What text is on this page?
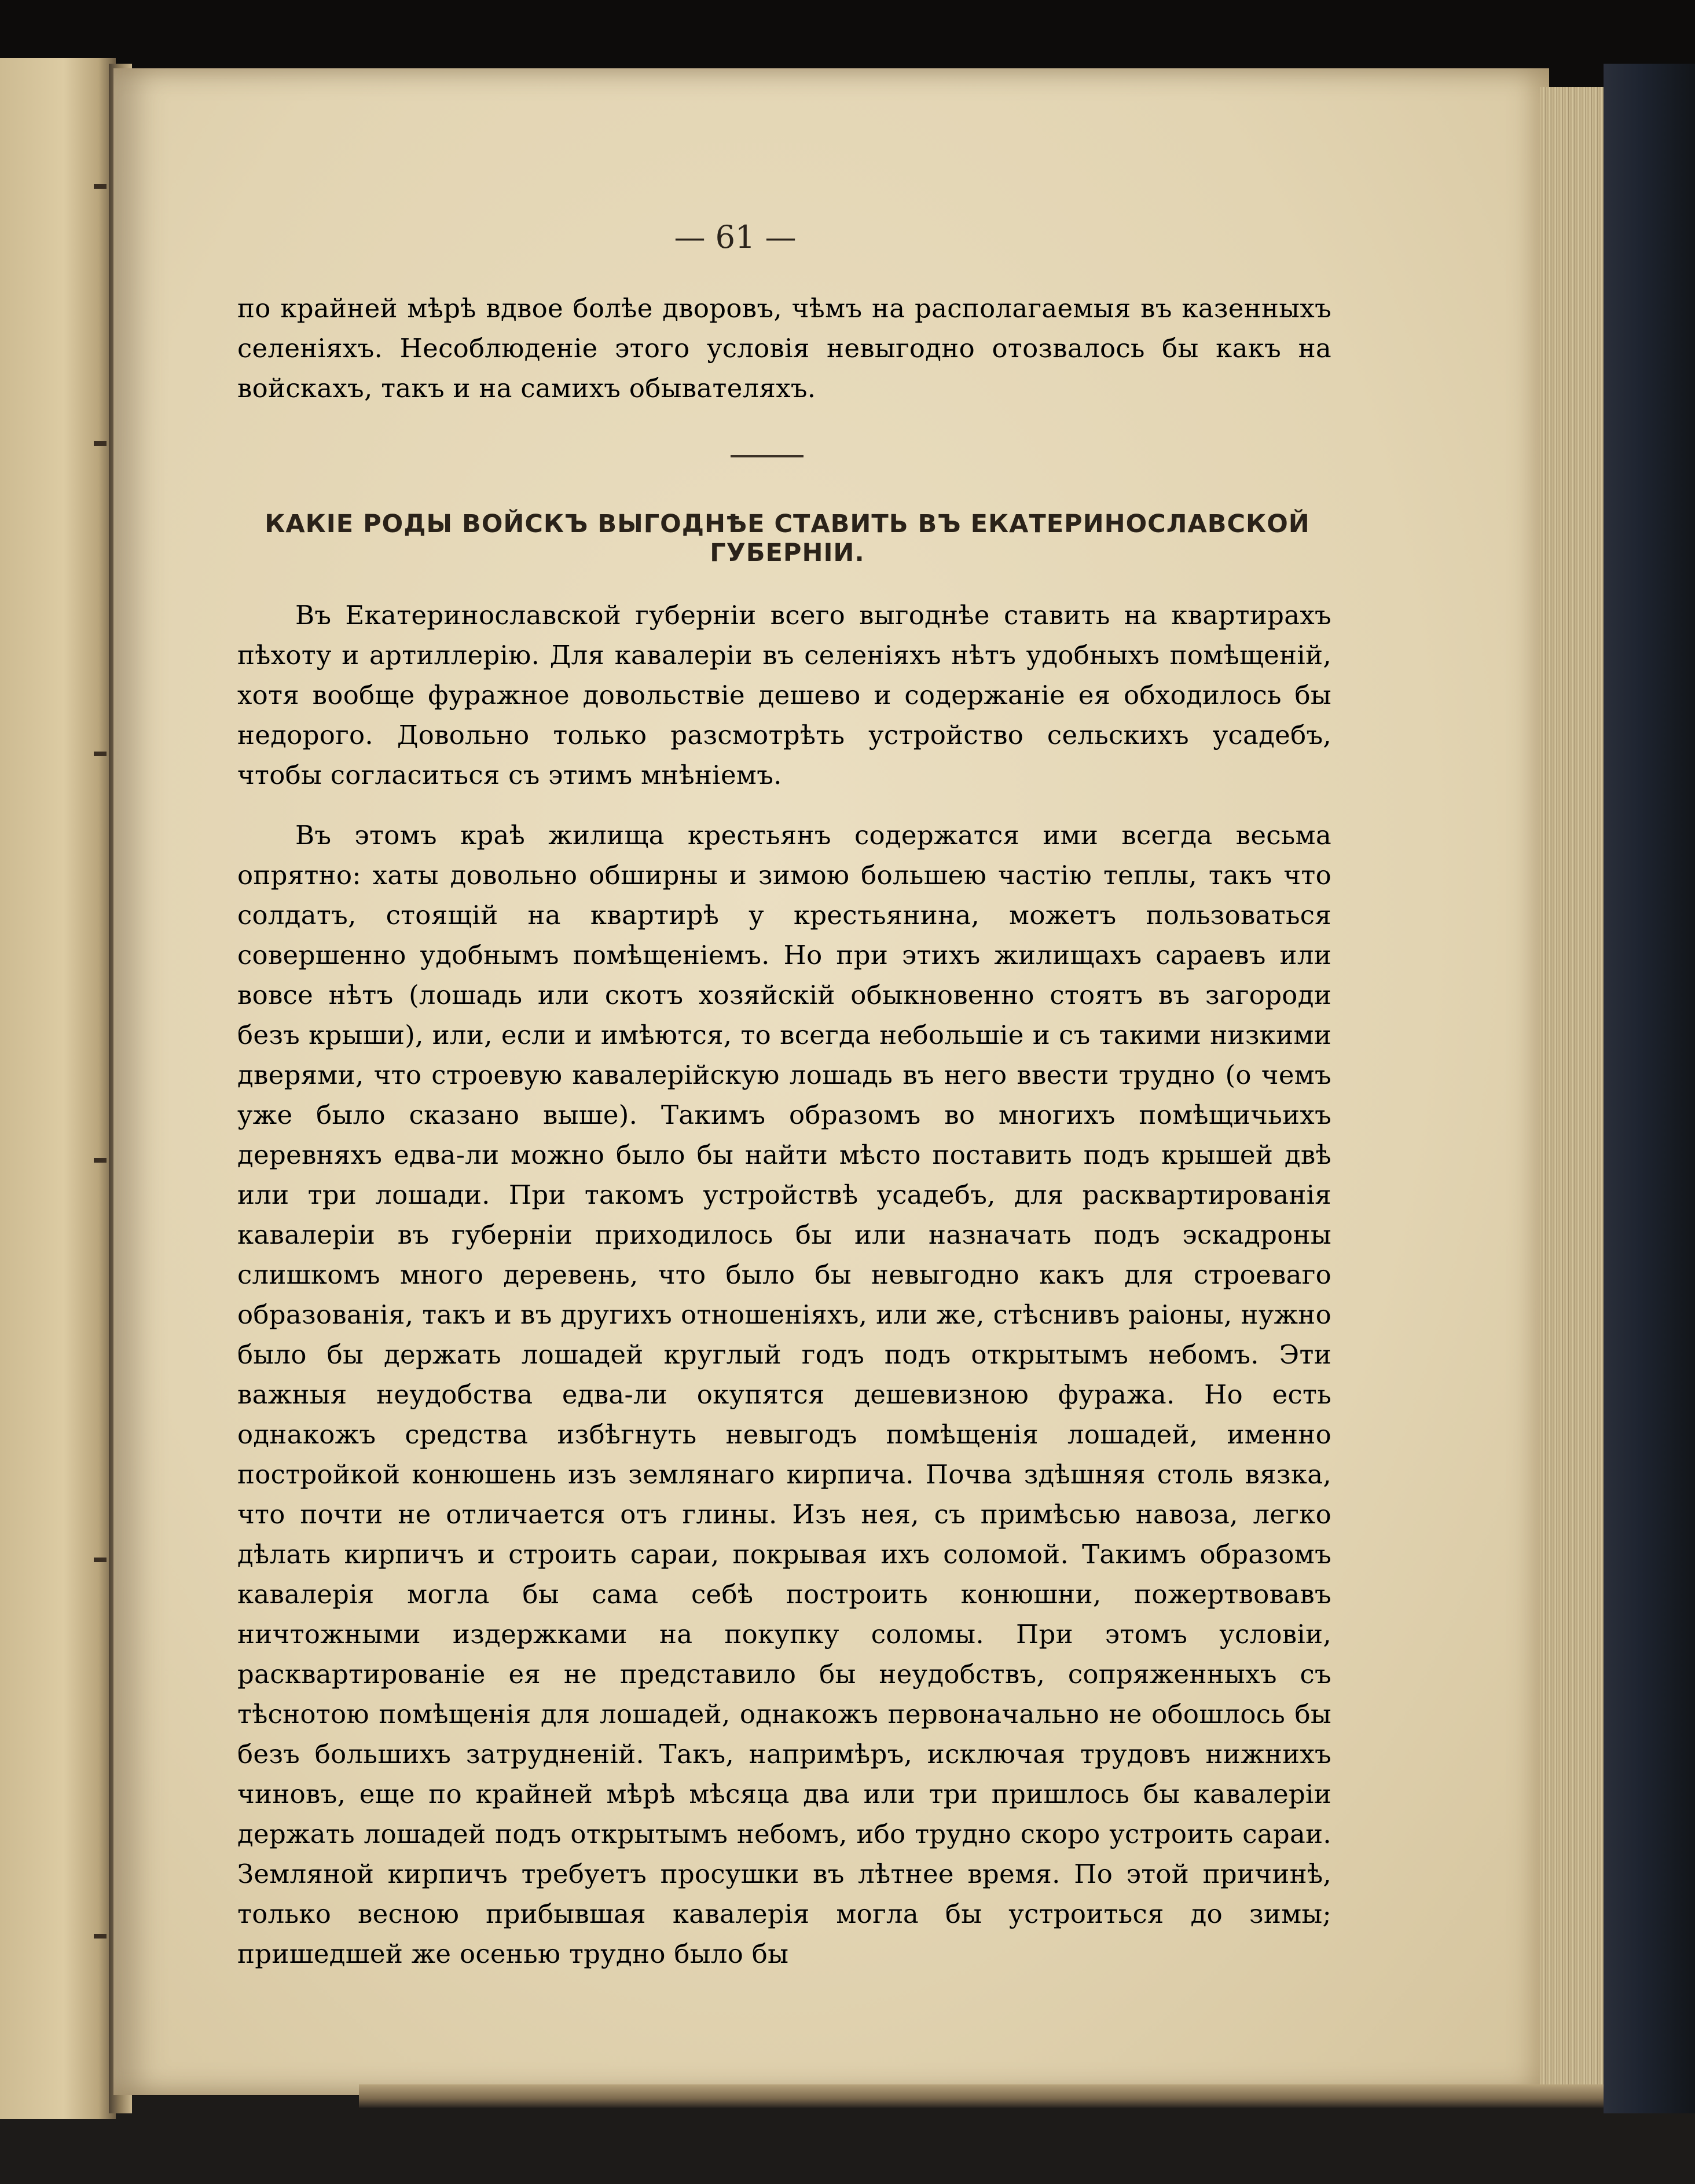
— 61 —

по крайней мѣрѣ вдвое болѣе дворовъ, чѣмъ на располагаемыя въ казенныхъ селеніяхъ. Несоблюденіе этого условія невыгодно отозвалось бы какъ на войскахъ, такъ и на самихъ обывателяхъ.

КАКІЕ РОДЫ ВОЙСКЪ ВЫГОДНѢЕ СТАВИТЬ ВЪ ЕКАТЕРИНОСЛАВСКОЙ ГУБЕРНІИ.

Въ Екатеринославской губерніи всего выгоднѣе ставить на квартирахъ пѣхоту и артиллерію. Для кавалеріи въ селеніяхъ нѣтъ удобныхъ помѣщеній, хотя вообще фуражное довольствіе дешево и содержаніе ея обходилось бы недорого. Довольно только разсмотрѣть устройство сельскихъ усадебъ, чтобы согласиться съ этимъ мнѣніемъ.

Въ этомъ краѣ жилища крестьянъ содержатся ими всегда весьма опрятно: хаты довольно обширны и зимою большею частію теплы, такъ что солдатъ, стоящій на квартирѣ у крестьянина, можетъ пользоваться совершенно удобнымъ помѣщеніемъ. Но при этихъ жилищахъ сараевъ или вовсе нѣтъ (лошадь или скотъ хозяйскій обыкновенно стоятъ въ загороди безъ крыши), или, если и имѣются, то всегда небольшіе и съ такими низкими дверями, что строевую кавалерійскую лошадь въ него ввести трудно (о чемъ уже было сказано выше). Такимъ образомъ во многихъ помѣщичьихъ деревняхъ едва-ли можно было бы найти мѣсто поставить подъ крышей двѣ или три лошади. При такомъ устройствѣ усадебъ, для расквартированія кавалеріи въ губерніи приходилось бы или назначать подъ эскадроны слишкомъ много деревень, что было бы невыгодно какъ для строеваго образованія, такъ и въ другихъ отношеніяхъ, или же, стѣснивъ раіоны, нужно было бы держать лошадей круглый годъ подъ открытымъ небомъ. Эти важныя неудобства едва-ли окупятся дешевизною фуража. Но есть однакожъ средства избѣгнуть невыгодъ помѣщенія лошадей, именно постройкой конюшень изъ землянаго кирпича. Почва здѣшняя столь вязка, что почти не отличается отъ глины. Изъ нея, съ примѣсью навоза, легко дѣлать кирпичъ и строить сараи, покрывая ихъ соломой. Такимъ образомъ кавалерія могла бы сама себѣ построить конюшни, пожертвовавъ ничтожными издержками на покупку соломы. При этомъ условіи, расквартированіе ея не представило бы неудобствъ, сопряженныхъ съ тѣснотою помѣщенія для лошадей, однакожъ первоначально не обошлось бы безъ большихъ затрудненій. Такъ, напримѣръ, исключая трудовъ нижнихъ чиновъ, еще по крайней мѣрѣ мѣсяца два или три пришлось бы кавалеріи держать лошадей подъ открытымъ небомъ, ибо трудно скоро устроить сараи. Земляной кирпичъ требуетъ просушки въ лѣтнее время. По этой причинѣ, только весною прибывшая кавалерія могла бы устроиться до зимы; пришедшей же осенью трудно было бы
